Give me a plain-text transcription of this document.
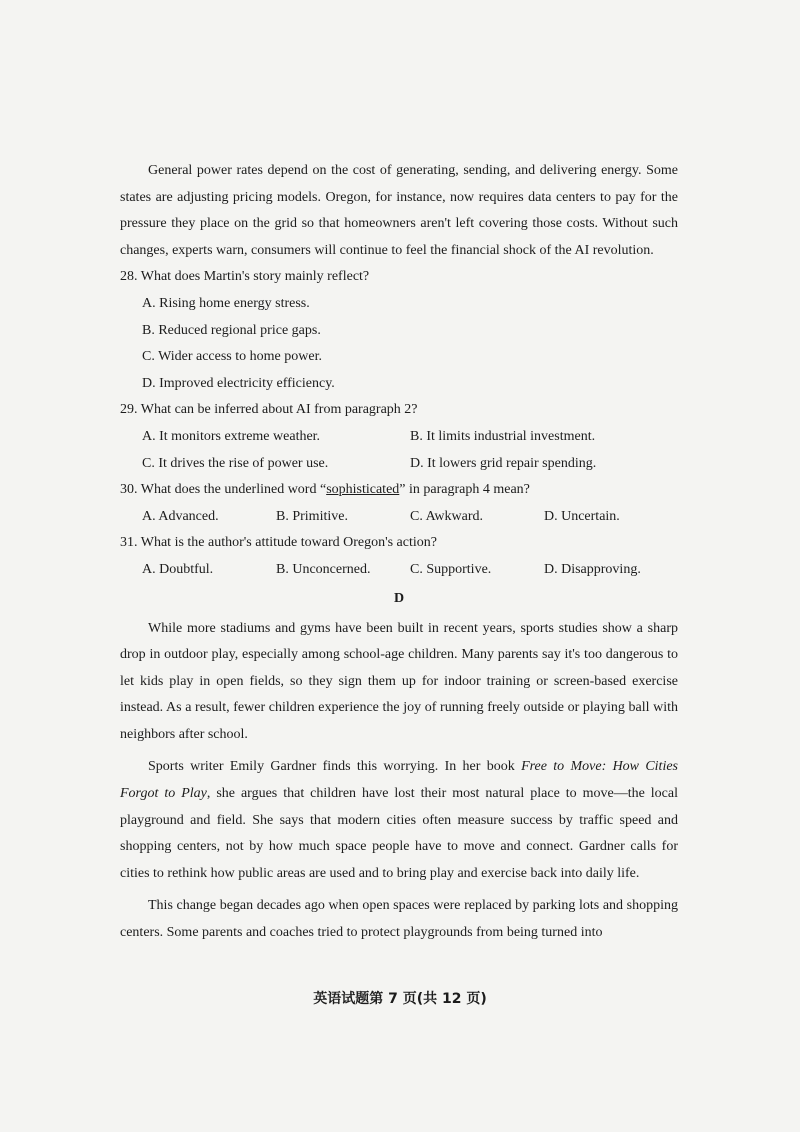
General power rates depend on the cost of generating, sending, and delivering energy. Some states are adjusting pricing models. Oregon, for instance, now requires data centers to pay for the pressure they place on the grid so that homeowners aren't left covering those costs. Without such changes, experts warn, consumers will continue to feel the financial shock of the AI revolution.

28. What does Martin's story mainly reflect?

A. Rising home energy stress.

B. Reduced regional price gaps.

C. Wider access to home power.

D. Improved electricity efficiency.

29. What can be inferred about AI from paragraph 2?

A. It monitors extreme weather.	B. It limits industrial investment.
C. It drives the rise of power use.	D. It lowers grid repair spending.

30. What does the underlined word “sophisticated” in paragraph 4 mean?

A. Advanced.	B. Primitive.	C. Awkward.	D. Uncertain.

31. What is the author's attitude toward Oregon's action?

A. Doubtful.	B. Unconcerned.	C. Supportive.	D. Disapproving.
D

While more stadiums and gyms have been built in recent years, sports studies show a sharp drop in outdoor play, especially among school-age children. Many parents say it's too dangerous to let kids play in open fields, so they sign them up for indoor training or screen-based exercise instead. As a result, fewer children experience the joy of running freely outside or playing ball with neighbors after school.

Sports writer Emily Gardner finds this worrying. In her book Free to Move: How Cities Forgot to Play, she argues that children have lost their most natural place to move—the local playground and field. She says that modern cities often measure success by traffic speed and shopping centers, not by how much space people have to move and connect. Gardner calls for cities to rethink how public areas are used and to bring play and exercise back into daily life.

This change began decades ago when open spaces were replaced by parking lots and shopping centers. Some parents and coaches tried to protect playgrounds from being turned into

英语试题第 7 页(共 12 页)
